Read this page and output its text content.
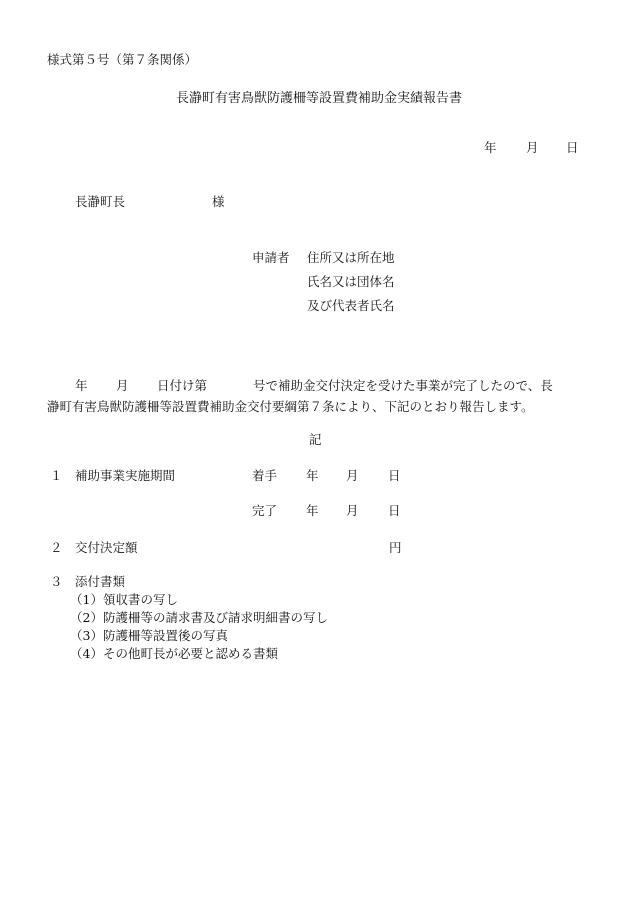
様式第５号（第７条関係）
長瀞町有害鳥獣防護柵等設置費補助金実績報告書
年 月 日
長瀞町長	様
申請者 住所又は所在地
氏名又は団体名
及び代表者氏名
年 月 日付け第	号で補助金交付決定を受けた事業が完了したので、長
瀞町有害鳥獣防護柵等設置費補助金交付要綱第７条により、下記のとおり報告します。
記
１ 補助事業実施期間	着手 年 月 日
完了 年 月 日
２ 交付決定額	円
３ 添付書類
（1）領収書の写し
（2）防護柵等の請求書及び請求明細書の写し
（3）防護柵等設置後の写真
（4）その他町長が必要と認める書類
